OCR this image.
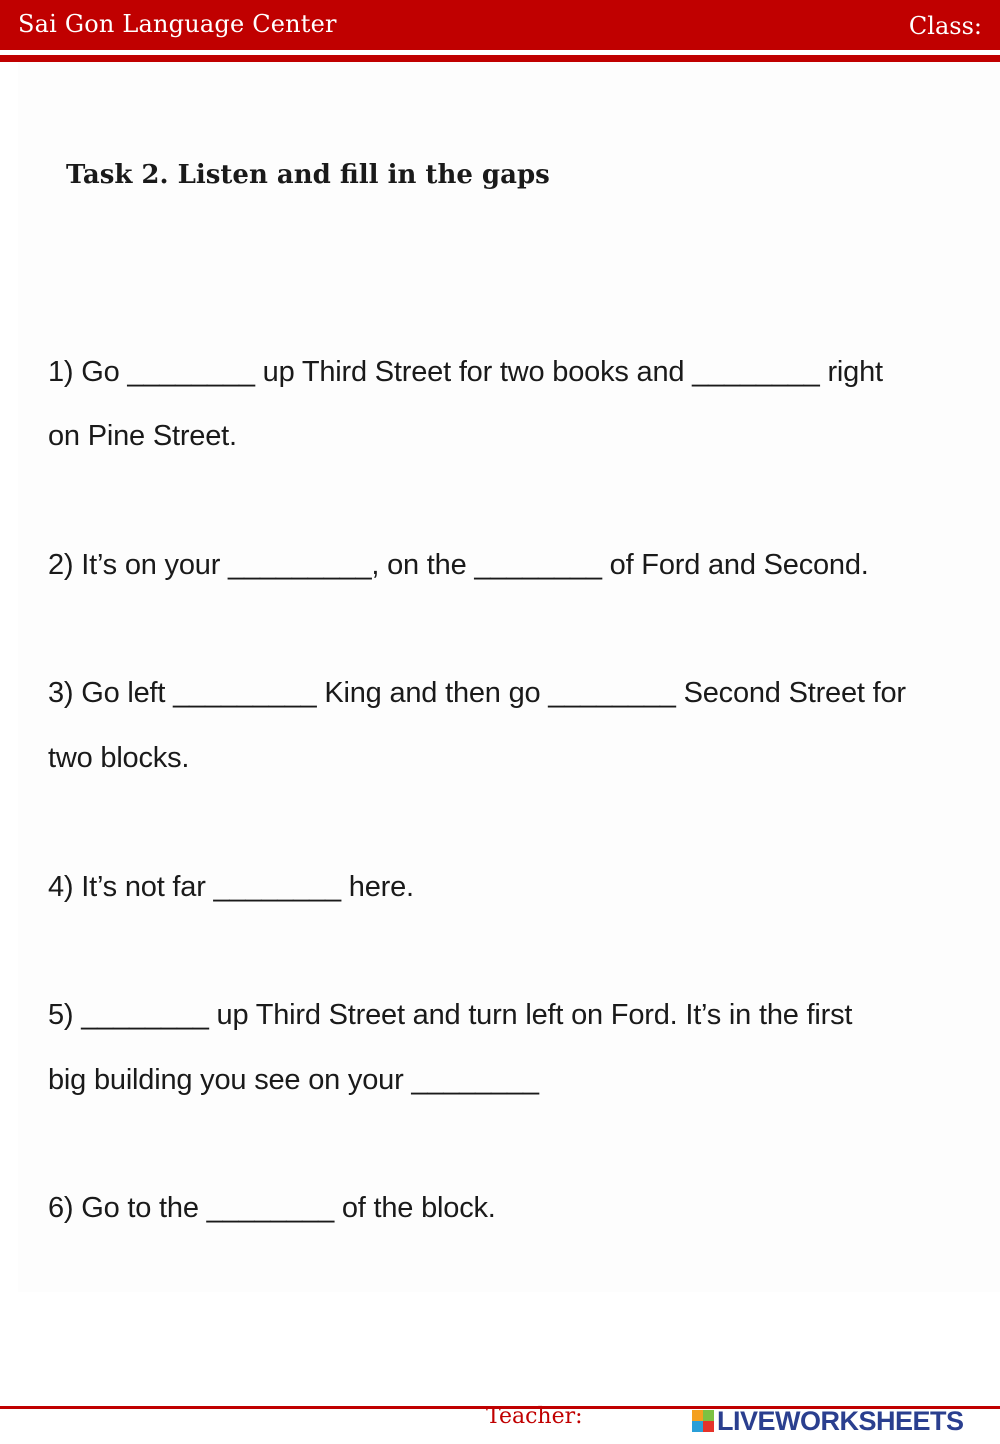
Sai Gon Language Center	Class:
Task 2. Listen and fill in the gaps
1) Go ________ up Third Street for two books and ________ right
on Pine Street.
2) It’s on your _________, on the ________ of Ford and Second.
3) Go left _________ King and then go ________ Second Street for
two blocks.
4) It’s not far ________ here.
5) ________ up Third Street and turn left on Ford. It’s in the first
big building you see on your ________
6) Go to the ________ of the block.
Teacher:	LIVEWORKSHEETS
